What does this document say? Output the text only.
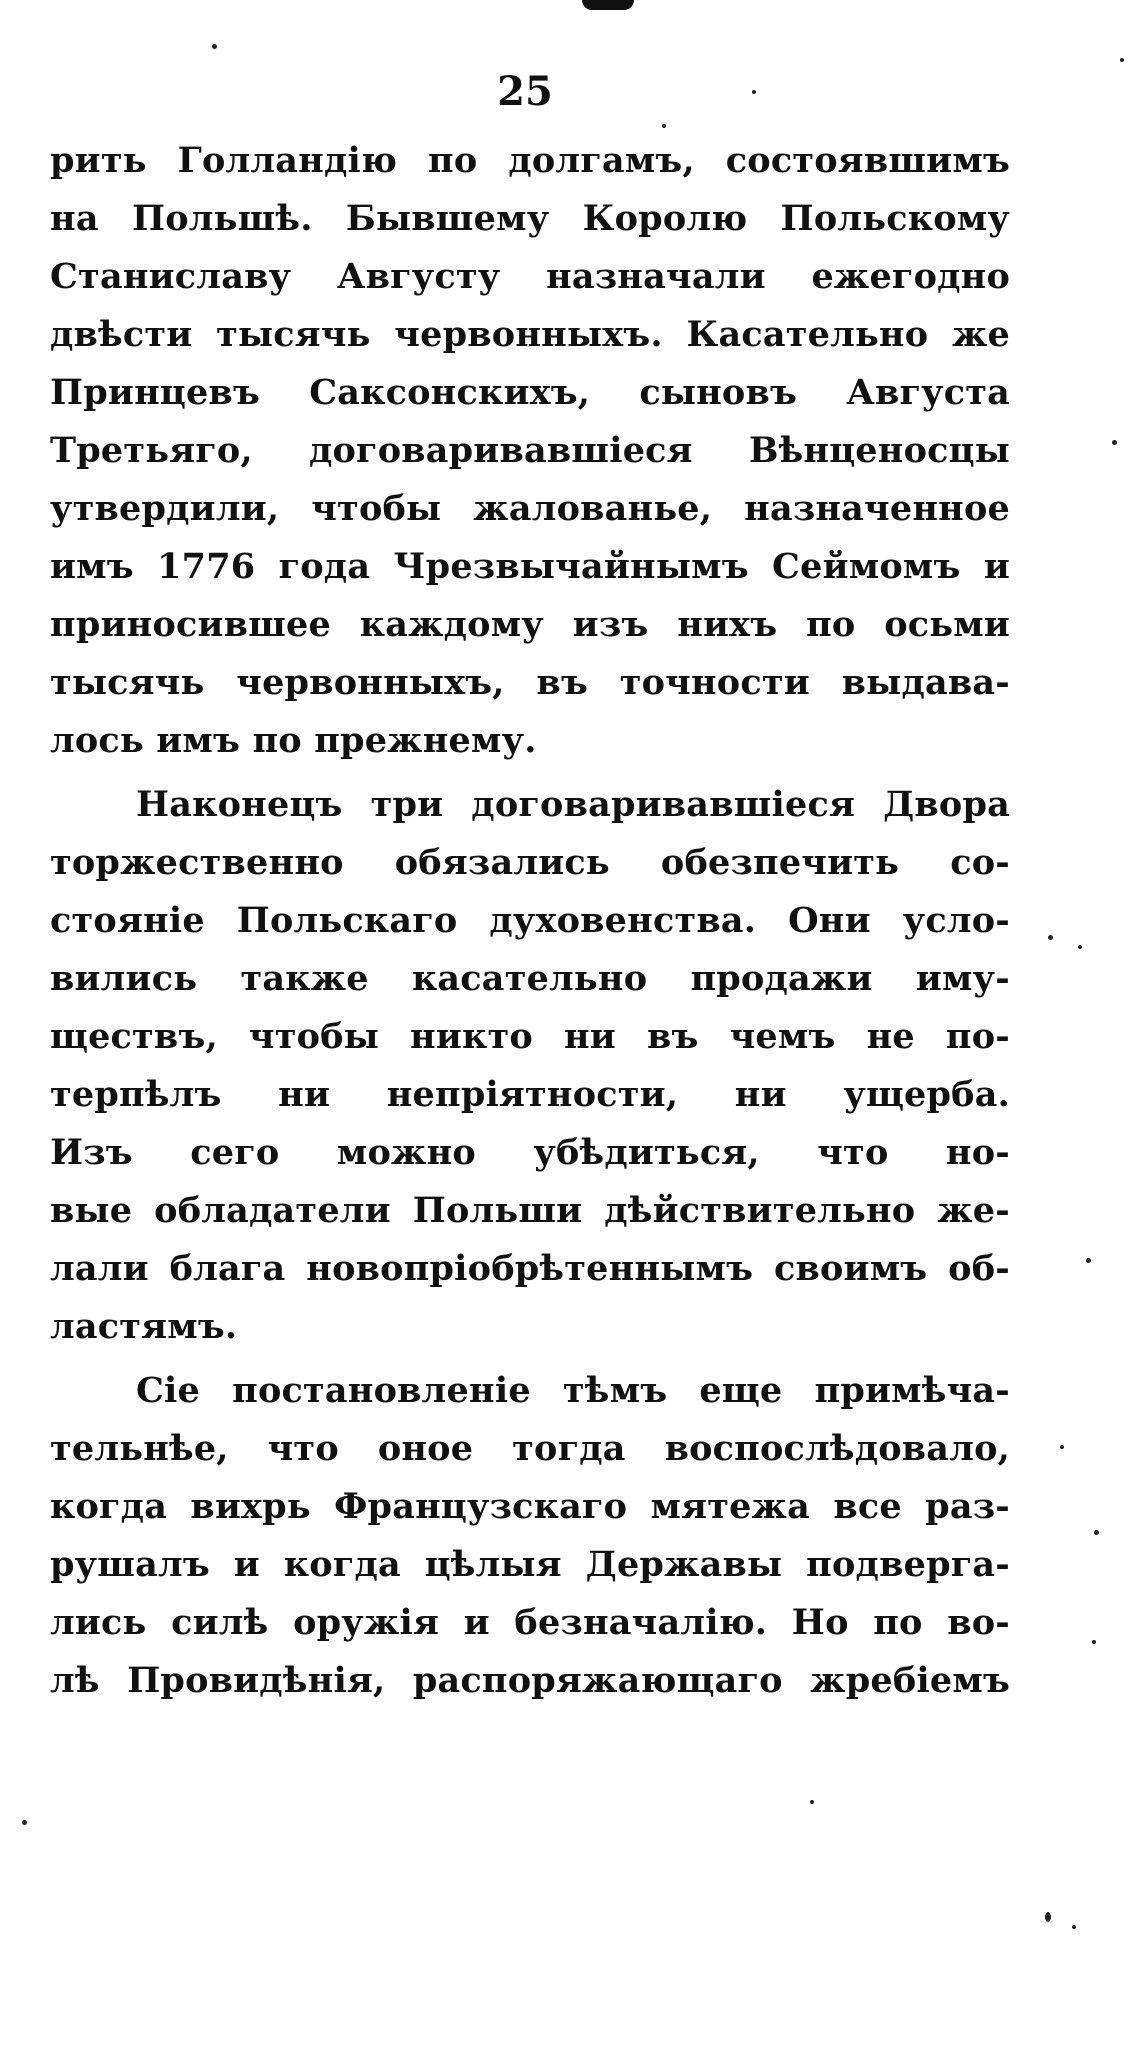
25
рить Голландію по долгамъ, состоявшимъ
на Польшѣ. Бывшему Королю Польскому
Станиславу Августу назначали ежегодно
двѣсти тысячь червонныхъ. Касательно же
Принцевъ Саксонскихъ, сыновъ Августа
Третьяго, договаривавшіеся Вѣнценосцы
утвердили, чтобы жалованье, назначенное
имъ 1776 года Чрезвычайнымъ Сеймомъ и
приносившее каждому изъ нихъ по осьми
тысячь червонныхъ, въ точности выдава-
лось имъ по прежнему.
Наконецъ три договаривавшіеся Двора
торжественно обязались обезпечить со-
стояніе Польскаго духовенства. Они усло-
вились также касательно продажи иму-
ществъ, чтобы никто ни въ чемъ не по-
терпѣлъ ни непріятности, ни ущерба.
Изъ сего можно убѣдиться, что но-
вые обладатели Польши дѣйствительно же-
лали блага новопріобрѣтеннымъ своимъ об-
ластямъ.
Сіе постановленіе тѣмъ еще примѣча-
тельнѣе, что оное тогда воспослѣдовало,
когда вихрь Французскаго мятежа все раз-
рушалъ и когда цѣлыя Державы подверга-
лись силѣ оружія и безначалію. Но по во-
лѣ Провидѣнія, распоряжающаго жребіемъ
